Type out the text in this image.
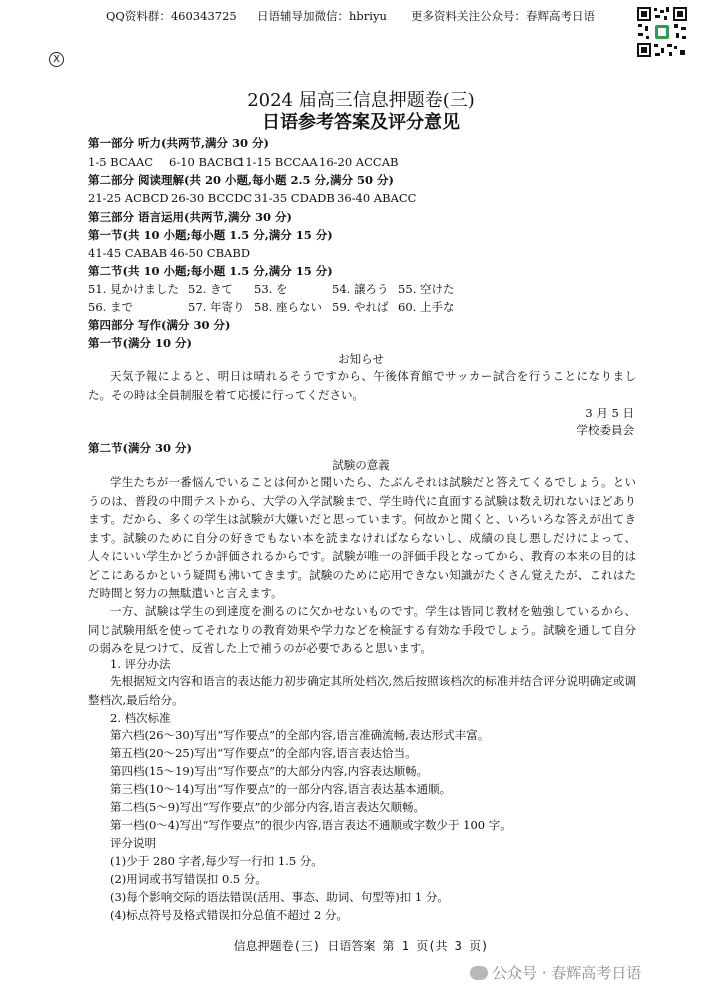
QQ资料群：460343725 日语辅导加微信：hbriyu 更多资料关注公众号：春辉高考日语
X
2024 届高三信息押题卷(三)
日语参考答案及评分意见
第一部分 听力(共两节,满分 30 分)
1-5 BCAAC 6-10 BACBC
11-15 BCCAA 16-20 ACCAB
第二部分 阅读理解(共 20 小题,每小题 2.5 分,满分 50 分)
21-25 ACBCD 26-30 BCCDC 31-35 CDADB 36-40 ABACC
第三部分 语言运用(共两节,满分 30 分)
第一节(共 10 小题;每小题 1.5 分,满分 15 分)
41-45 CABAB 46-50 CBABD
第二节(共 10 小题;每小题 1.5 分,满分 15 分)
51. 見かけました 52. きて 53. を	54. 譲ろう 55. 空けた
56. まで	57. 年寄り 58. 座らない 59. やれば 60. 上手な
第四部分 写作(满分 30 分)
第一节(满分 10 分)
お知らせ
天気予報によると、明日は晴れるそうですから、午後体育館でサッカー試合を行うことになりました。その時は全員制服を着て応援に行ってください。
3 月 5 日
学校委員会
第二节(满分 30 分)
試験の意義
学生たちが一番悩んでいることは何かと聞いたら、たぶんそれは試験だと答えてくるでしょう。というのは、普段の中間テストから、大学の入学試験まで、学生時代に直面する試験は数え切れないほどあります。だから、多くの学生は試験が大嫌いだと思っています。何故かと聞くと、いろいろな答えが出てきます。試験のために自分の好きでもない本を読まなければならないし、成績の良し悪しだけによって、人々にいい学生かどうか評価されるからです。試験が唯一の評価手段となってから、教育の本来の目的はどこにあるかという疑問も沸いてきます。試験のために応用できない知識がたくさん覚えたが、これはただ時間と努力の無駄遣いと言えます。
一方、試験は学生の到達度を測るのに欠かせないものです。学生は皆同じ教材を勉強しているから、同じ試験用紙を使ってそれなりの教育効果や学力などを検証する有効な手段でしょう。試験を通して自分の弱みを見つけて、反省した上で補うのが必要であると思います。
1. 评分办法
先根据短文内容和语言的表达能力初步确定其所处档次,然后按照该档次的标准并结合评分说明确定或调整档次,最后给分。
2. 档次标准
第六档(26～30)写出“写作要点”的全部内容,语言准确流畅,表达形式丰富。
第五档(20～25)写出“写作要点”的全部内容,语言表达恰当。
第四档(15～19)写出“写作要点”的大部分内容,内容表达顺畅。
第三档(10～14)写出“写作要点”的一部分内容,语言表达基本通顺。
第二档(5～9)写出“写作要点”的少部分内容,语言表达欠顺畅。
第一档(0～4)写出“写作要点”的很少内容,语言表达不通顺或字数少于 100 字。
评分说明
(1)少于 280 字者,每少写一行扣 1.5 分。
(2)用词或书写错误扣 0.5 分。
(3)每个影响交际的语法错误(活用、事态、助词、句型等)扣 1 分。
(4)标点符号及格式错误扣分总值不超过 2 分。
信息押题卷(三) 日语答案 第 1 页(共 3 页)
公众号 · 春辉高考日语
